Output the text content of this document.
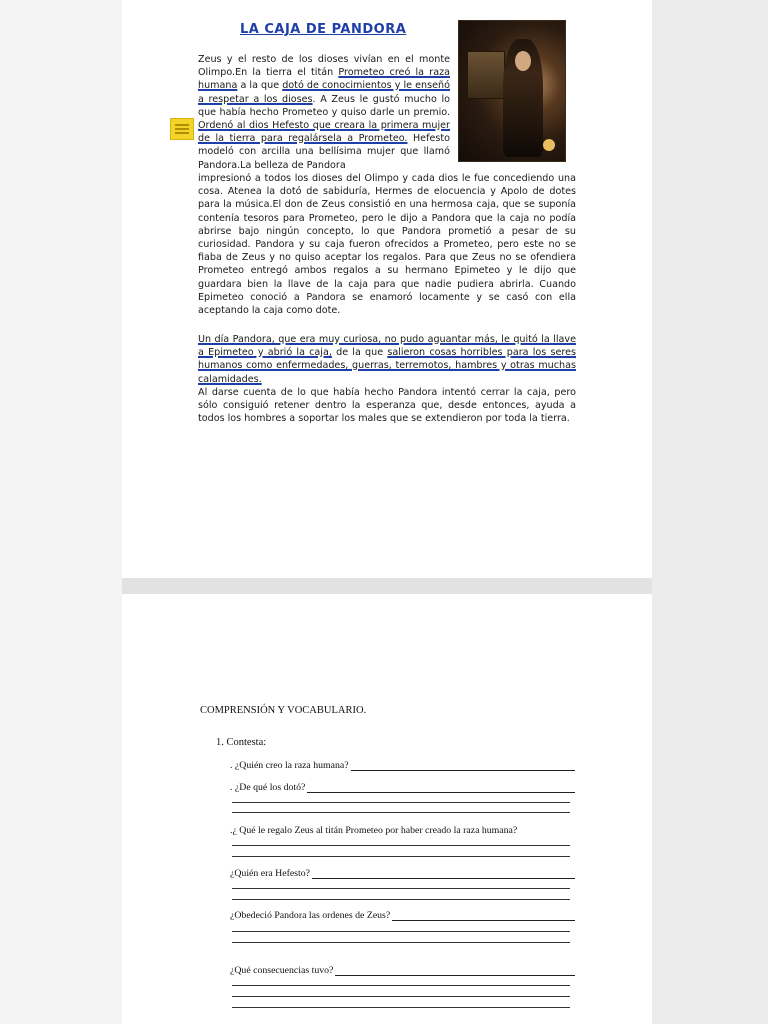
LA CAJA DE PANDORA
Zeus y el resto de los dioses vivían en el monte Olimpo.En la tierra el titán Prometeo creó la raza humana a la que dotó de conocimientos y le enseñó a respetar a los dioses. A Zeus le gustó mucho lo que había hecho Prometeo y quiso darle un premio. Ordenó al dios Hefesto que creara la primera mujer de la tierra para regalársela a Prometeo. Hefesto modeló con arcilla una bellísima mujer que llamó Pandora.La belleza de Pandora
impresionó a todos los dioses del Olimpo y cada dios le fue concediendo una cosa. Atenea la dotó de sabiduría, Hermes de elocuencia y Apolo de dotes para la música.El don de Zeus consistió en una hermosa caja, que se suponía contenía tesoros para Prometeo, pero le dijo a Pandora que la caja no podía abrirse bajo ningún concepto, lo que Pandora prometió a pesar de su curiosidad. Pandora y su caja fueron ofrecidos a Prometeo, pero este no se fiaba de Zeus y no quiso aceptar los regalos. Para que Zeus no se ofendiera Prometeo entregó ambos regalos a su hermano Epimeteo y le dijo que guardara bien la llave de la caja para que nadie pudiera abrirla. Cuando Epimeteo conoció a Pandora se enamoró locamente y se casó con ella aceptando la caja como dote.
Un día Pandora, que era muy curiosa, no pudo aguantar más, le quitó la llave a Epimeteo y abrió la caja, de la que salieron cosas horribles para los seres humanos como enfermedades, guerras, terremotos, hambres y otras muchas calamidades.
Al darse cuenta de lo que había hecho Pandora intentó cerrar la caja, pero sólo consiguió retener dentro la esperanza que, desde entonces, ayuda a todos los hombres a soportar los males que se extendieron por toda la tierra.
COMPRENSIÓN Y VOCABULARIO.
1. Contesta:
. ¿Quién creo la raza humana?
. ¿De qué los dotó?
.¿ Qué le regalo Zeus al titán Prometeo por haber creado la raza humana?
¿Quién era Hefesto?
¿Obedeció Pandora las ordenes de Zeus?
¿Qué consecuencias tuvo?
